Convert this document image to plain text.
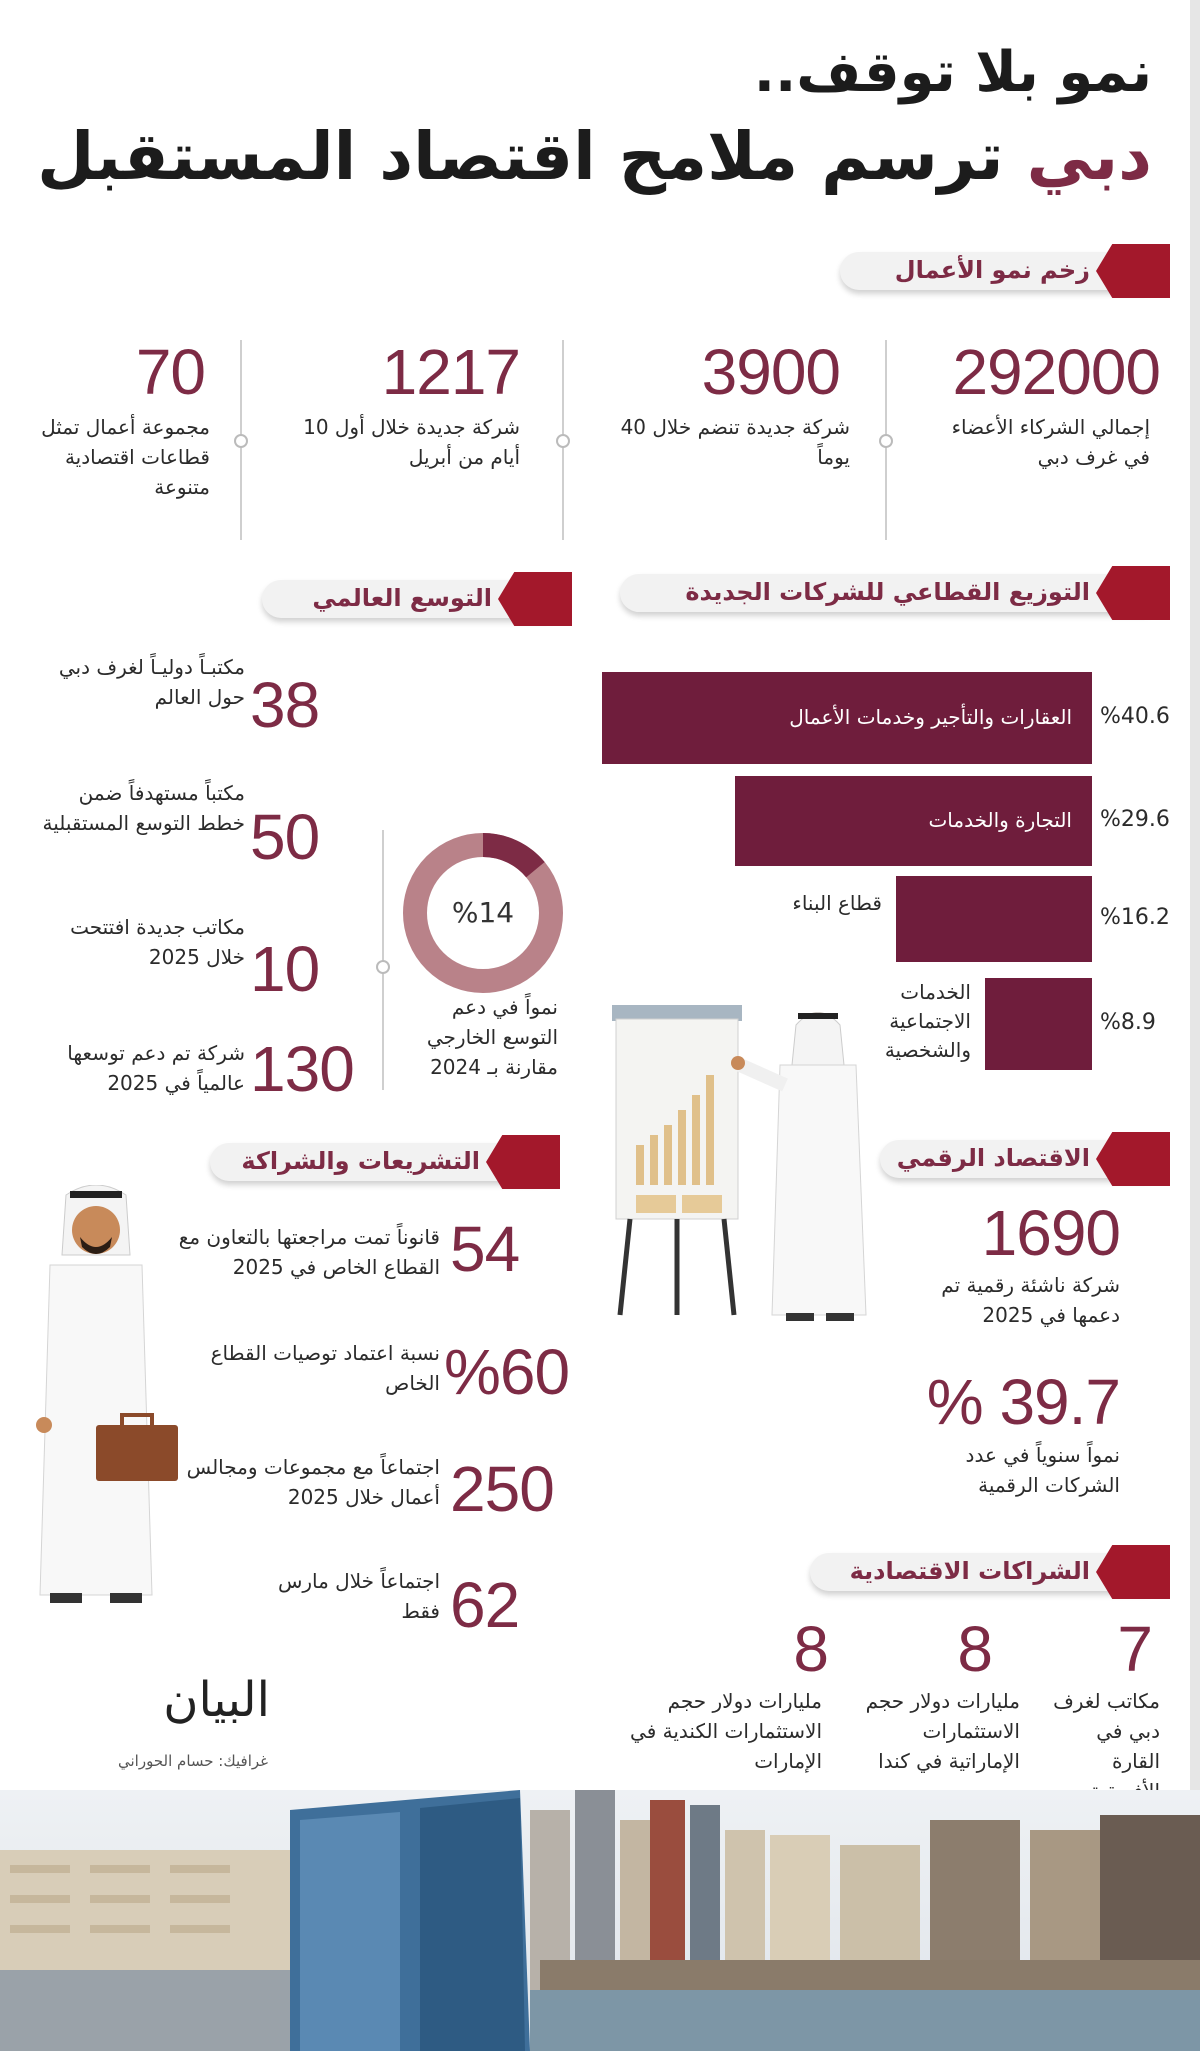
نمو بلا توقف..
دبي ترسم ملامح اقتصاد المستقبل
زخم نمو الأعمال
292000
إجمالي الشركاء الأعضاء في غرف دبي
3900
شركة جديدة تنضم خلال 40 يوماً
1217
شركة جديدة خلال أول 10 أيام من أبريل
70
مجموعة أعمال تمثل قطاعات اقتصادية متنوعة
التوزيع القطاعي للشركات الجديدة
التوسع العالمي
38
مكتبـاً دوليـاً لغرف دبي حول العالم
50
مكتباً مستهدفاً ضمن خطط التوسع المستقبلية
10
مكاتب جديدة افتتحت خلال 2025
130
شركة تم دعم توسعها عالمياً في 2025
%14
نمواً في دعم التوسع الخارجي مقارنة بـ 2024
العقارات والتأجير وخدمات الأعمال %40.6
التجارة والخدمات %29.6
قطاع البناء
%16.2
الخدمات الاجتماعية والشخصية
%8.9
الاقتصاد الرقمي
1690
شركة ناشئة رقمية تم دعمها في 2025
% 39.7
نمواً سنوياً في عدد الشركات الرقمية
التشريعات والشراكة
54
قانوناً تمت مراجعتها بالتعاون مع القطاع الخاص في 2025
%60
نسبة اعتماد توصيات القطاع الخاص
250
اجتماعاً مع مجموعات ومجالس أعمال خلال 2025
62
اجتماعاً خلال مارس فقط
الشراكات الاقتصادية
7
مكاتب لغرف دبي في القارة
8
مليارات دولار حجم الاستثمارات الإماراتية في كندا
8
مليارات دولار حجم الاستثمارات الكندية في الإمارات
البيان
غرافيك: حسام الحوراني
